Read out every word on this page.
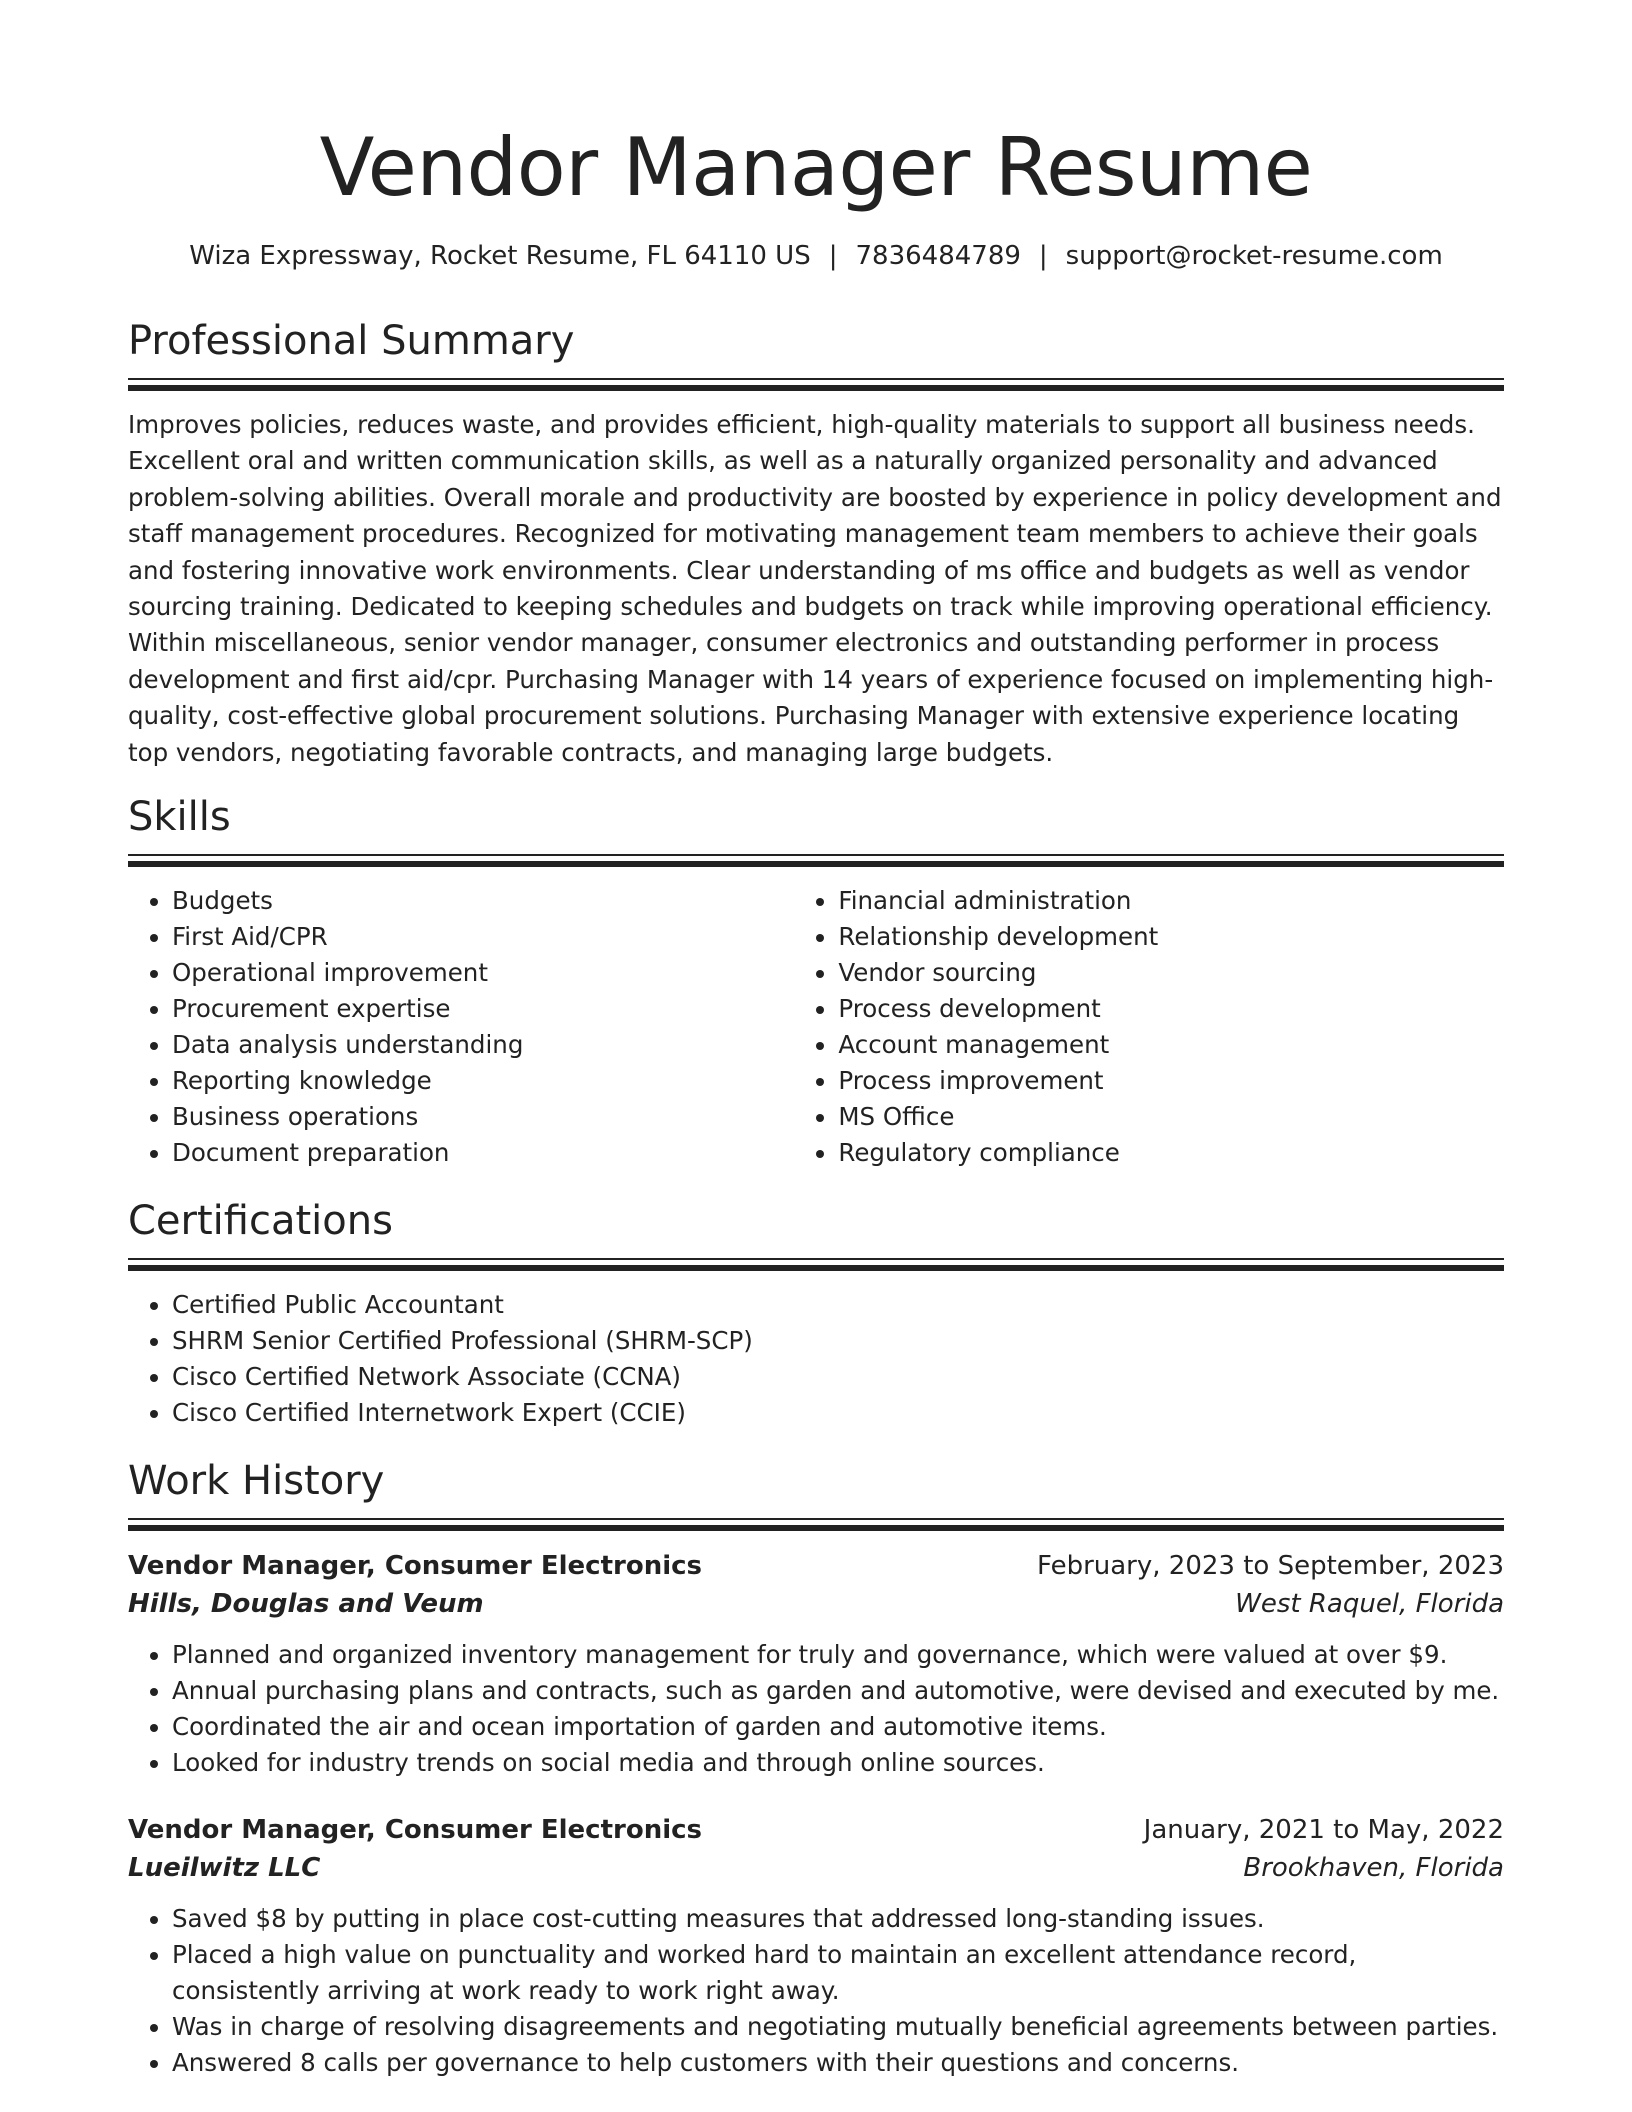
Vendor Manager Resume
Wiza Expressway, Rocket Resume, FL 64110 US | 7836484789 | support@rocket-resume.com
Professional Summary

Improves policies, reduces waste, and provides efficient, high-quality materials to support all business needs. Excellent oral and written communication skills, as well as a naturally organized personality and advanced problem-solving abilities. Overall morale and productivity are boosted by experience in policy development and staff management procedures. Recognized for motivating management team members to achieve their goals and fostering innovative work environments. Clear understanding of ms office and budgets as well as vendor sourcing training. Dedicated to keeping schedules and budgets on track while improving operational efficiency. Within miscellaneous, senior vendor manager, consumer electronics and outstanding performer in process development and first aid/cpr. Purchasing Manager with 14 years of experience focused on implementing high-quality, cost-effective global procurement solutions. Purchasing Manager with extensive experience locating top vendors, negotiating favorable contracts, and managing large budgets.

Skills
• Budgets
• First Aid/CPR
• Operational improvement
• Procurement expertise
• Data analysis understanding
• Reporting knowledge
• Business operations
• Document preparation
• Financial administration
• Relationship development
• Vendor sourcing
• Process development
• Account management
• Process improvement
• MS Office
• Regulatory compliance
Certifications
• Certified Public Accountant
• SHRM Senior Certified Professional (SHRM-SCP)
• Cisco Certified Network Associate (CCNA)
• Cisco Certified Internetwork Expert (CCIE)
Work History
Vendor Manager, Consumer Electronics	February, 2023 to September, 2023
Hills, Douglas and Veum	West Raquel, Florida
• Planned and organized inventory management for truly and governance, which were valued at over $9.
• Annual purchasing plans and contracts, such as garden and automotive, were devised and executed by me.
• Coordinated the air and ocean importation of garden and automotive items.
• Looked for industry trends on social media and through online sources.
Vendor Manager, Consumer Electronics	January, 2021 to May, 2022
Lueilwitz LLC	Brookhaven, Florida
• Saved $8 by putting in place cost-cutting measures that addressed long-standing issues.
• Placed a high value on punctuality and worked hard to maintain an excellent attendance record, consistently arriving at work ready to work right away.
• Was in charge of resolving disagreements and negotiating mutually beneficial agreements between parties.
• Answered 8 calls per governance to help customers with their questions and concerns.
